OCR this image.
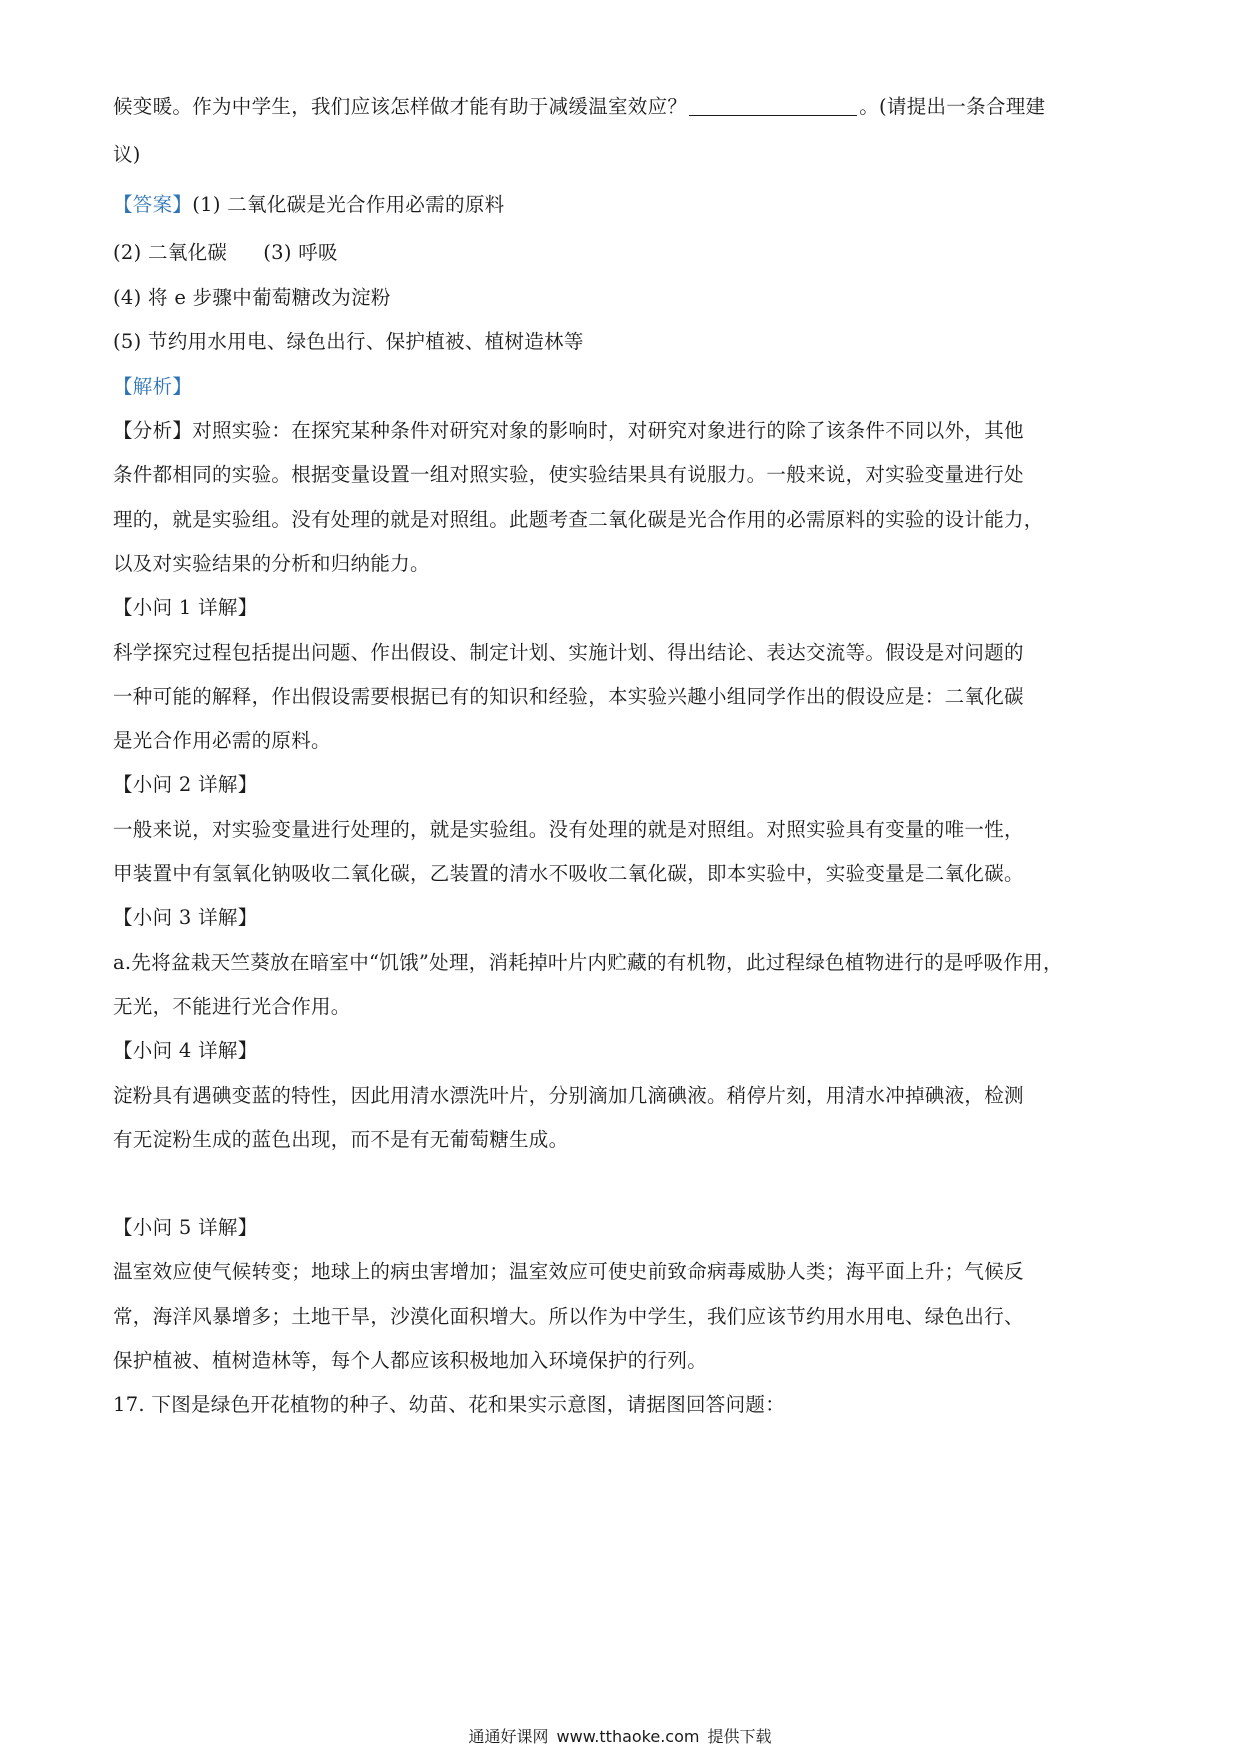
候变暖。作为中学生，我们应该怎样做才能有助于减缓温室效应？	。(请提出一条合理建
议)
【答案】(1) 二氧化碳是光合作用必需的原料
(2) 二氧化碳 (3) 呼吸
(4) 将 e 步骤中葡萄糖改为淀粉
(5) 节约用水用电、绿色出行、保护植被、植树造林等
【解析】
【分析】对照实验：在探究某种条件对研究对象的影响时，对研究对象进行的除了该条件不同以外，其他
条件都相同的实验。根据变量设置一组对照实验，使实验结果具有说服力。一般来说，对实验变量进行处
理的，就是实验组。没有处理的就是对照组。此题考查二氧化碳是光合作用的必需原料的实验的设计能力，
以及对实验结果的分析和归纳能力。
【小问 1 详解】
科学探究过程包括提出问题、作出假设、制定计划、实施计划、得出结论、表达交流等。假设是对问题的
一种可能的解释，作出假设需要根据已有的知识和经验，本实验兴趣小组同学作出的假设应是：二氧化碳
是光合作用必需的原料。
【小问 2 详解】
一般来说，对实验变量进行处理的，就是实验组。没有处理的就是对照组。对照实验具有变量的唯一性，
甲装置中有氢氧化钠吸收二氧化碳，乙装置的清水不吸收二氧化碳，即本实验中，实验变量是二氧化碳。
【小问 3 详解】
a.先将盆栽天竺葵放在暗室中“饥饿”处理，消耗掉叶片内贮藏的有机物，此过程绿色植物进行的是呼吸作用，
无光，不能进行光合作用。
【小问 4 详解】
淀粉具有遇碘变蓝的特性，因此用清水漂洗叶片，分别滴加几滴碘液。稍停片刻，用清水冲掉碘液，检测
有无淀粉生成的蓝色出现，而不是有无葡萄糖生成。
【小问 5 详解】
温室效应使气候转变；地球上的病虫害增加；温室效应可使史前致命病毒威胁人类；海平面上升；气候反
常，海洋风暴增多；土地干旱，沙漠化面积增大。所以作为中学生，我们应该节约用水用电、绿色出行、
保护植被、植树造林等，每个人都应该积极地加入环境保护的行列。
17. 下图是绿色开花植物的种子、幼苗、花和果实示意图，请据图回答问题：
通通好课网 www.tthaoke.com 提供下载
